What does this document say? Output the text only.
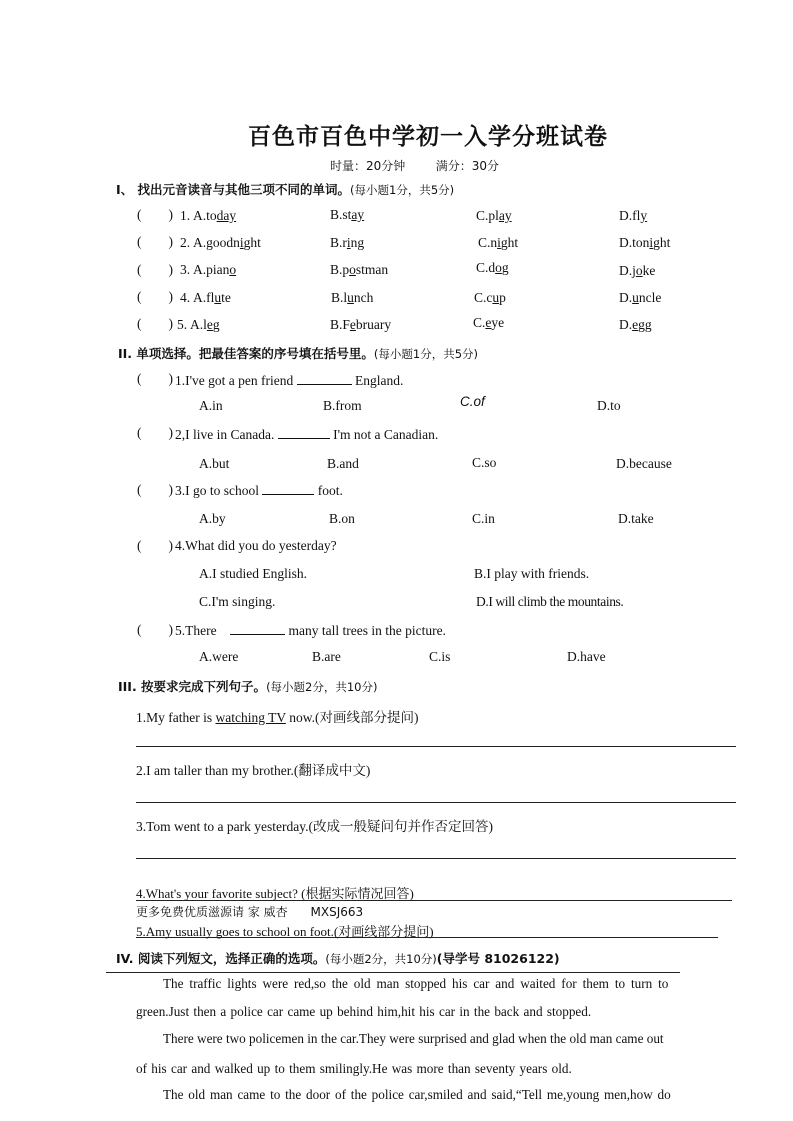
百色市百色中学初一入学分班试卷
时量：20分钟        满分：30分
I、 找出元音读音与其他三项不同的单词。(每小题1分，共5分)
(        ) 1. A.today	B.stay	C.play	D.fly
(        ) 2. A.goodnight	B.ring	C.night	D.tonight
(        ) 3. A.piano	B.postman	C.dog	D.joke
(        ) 4. A.flute	B.lunch	C.cup	D.uncle
(        ) 5. A.leg	B.February	C.eye	D.egg
II. 单项选择。把最佳答案的序号填在括号里。(每小题1分，共5分)
(        ) 1.I've got a pen friend	England.
A.in	B.from	C.of	D.to
(        ) 2,I live in Canada.	I'm not a Canadian.
A.but	B.and	C.so	D.because
(        ) 3.I go to school	foot.
A.by	B.on	C.in	D.take
(        ) 4.What did you do yesterday?
A.I studied English.	B.I play with friends.
C.I'm singing.	D.I will climb the mountains.
(        ) 5.There	many tall trees in the picture.
A.were	B.are	C.is	D.have
III. 按要求完成下列句子。(每小题2分，共10分)
1.My father is watching TV now.(对画线部分提问)
2.I am taller than my brother.(翻译成中文)
3.Tom went to a park yesterday.(改成一般疑问句并作否定回答)
4.What's your favorite subject? (根据实际情况回答)
更多免费优质滋源请 家 威杏      MXSJ663
5.Amy usually goes to school on foot.(对画线部分提问)
IV. 阅读下列短文，选择正确的选项。(每小题2分，共10分)(导学号 81026122)
The traffic lights were red,so the old man stopped his car and waited for them to turn to
green.Just then a police car came up behind him,hit his car in the back and stopped.
There were two policemen in the car.They were surprised and glad when the old man came out
of his car and walked up to them smilingly.He was more than seventy years old.
The old man came to the door of the police car,smiled and said,“Tell me,young men,how do
